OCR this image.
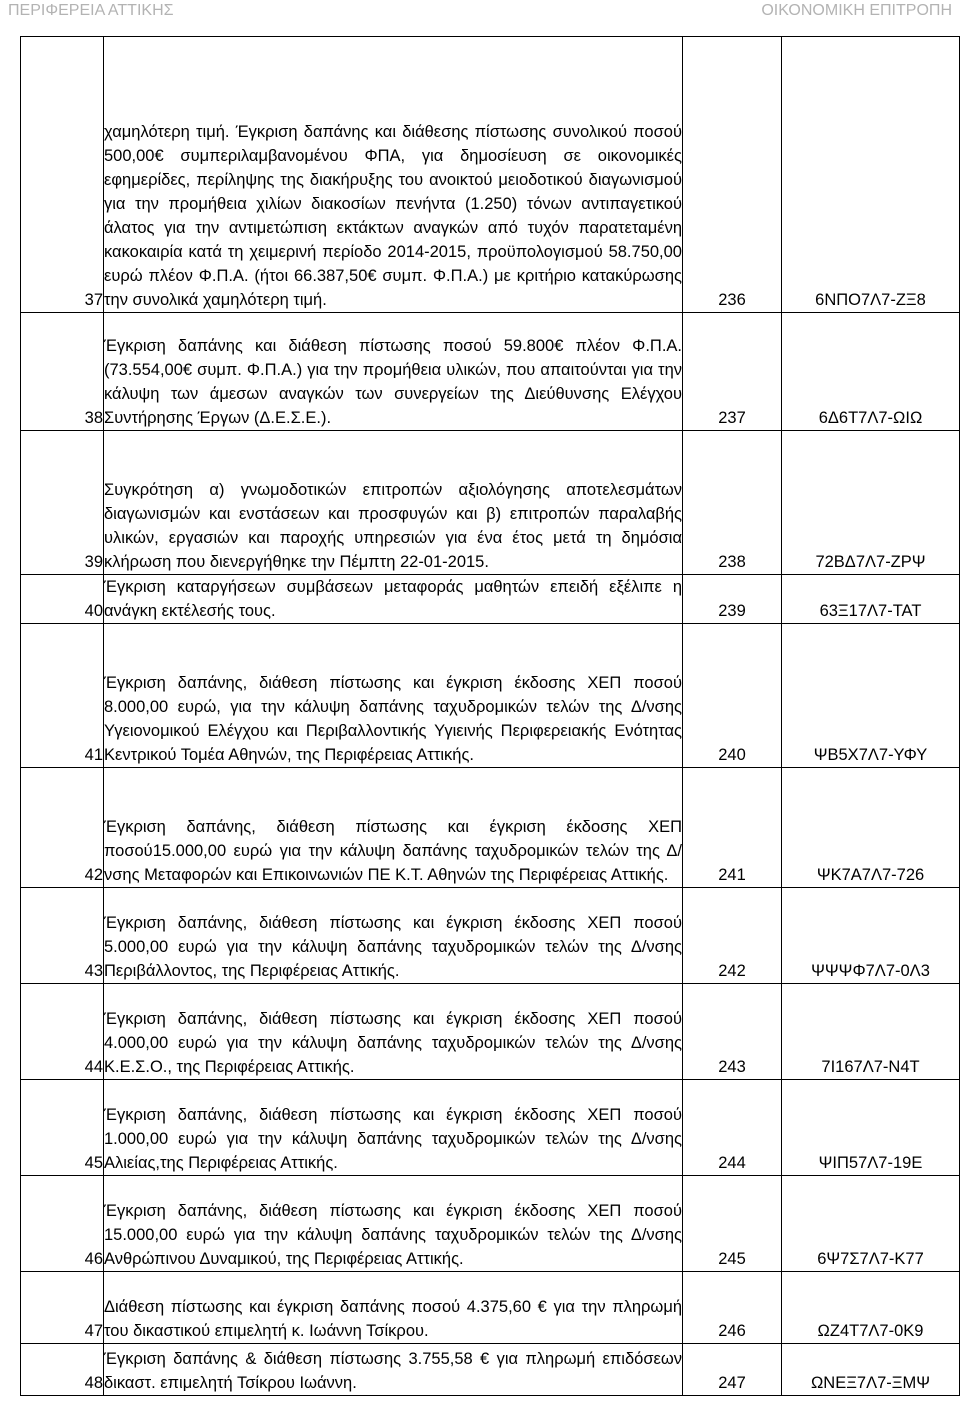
ΠΕΡΙΦΕΡΕΙΑ ΑΤΤΙΚΗΣ	ΟΙΚΟΝΟΜΙΚΗ ΕΠΙΤΡΟΠΗ
37	χαμηλότερη τιμή. Έγκριση δαπάνης και διάθεσης πίστωσης συνολικού ποσού 500,00€ συμπεριλαμβανομένου ΦΠΑ, για δημοσίευση σε οικονομικές εφημερίδες, περίληψης της διακήρυξης του ανοικτού μειοδοτικού διαγωνισμού για την προμήθεια χιλίων διακοσίων πενήντα (1.250) τόνων αντιπαγετικού άλατος για την αντιμετώπιση εκτάκτων αναγκών από τυχόν παρατεταμένη κακοκαιρία κατά τη χειμερινή περίοδο 2014-2015, προϋπολογισμού 58.750,00 ευρώ πλέον Φ.Π.Α. (ήτοι 66.387,50€ συμπ. Φ.Π.Α.) με κριτήριο κατακύρωσης την συνολικά χαμηλότερη τιμή.	236	6ΝΠΟ7Λ7-ΖΞ8
38	Έγκριση δαπάνης και διάθεση πίστωσης ποσού 59.800€ πλέον Φ.Π.Α. (73.554,00€ συμπ. Φ.Π.Α.) για την προμήθεια υλικών, που απαιτούνται για την κάλυψη των άμεσων αναγκών των συνεργείων της Διεύθυνσης Ελέγχου Συντήρησης Έργων (Δ.Ε.Σ.Ε.).	237	6Δ6Τ7Λ7-ΩΙΩ
39	Συγκρότηση α) γνωμοδοτικών επιτροπών αξιολόγησης αποτελεσμάτων διαγωνισμών και ενστάσεων και προσφυγών και β) επιτροπών παραλαβής υλικών, εργασιών και παροχής υπηρεσιών για ένα έτος μετά τη δημόσια κλήρωση που διενεργήθηκε την Πέμπτη 22-01-2015.	238	72ΒΔ7Λ7-ΖΡΨ
40	Έγκριση καταργήσεων συμβάσεων μεταφοράς μαθητών επειδή εξέλιπε η ανάγκη εκτέλεσής τους.	239	63Ξ17Λ7-ΤΑΤ
41	Έγκριση δαπάνης, διάθεση πίστωσης και έγκριση έκδοσης ΧΕΠ ποσού 8.000,00 ευρώ, για την κάλυψη δαπάνης ταχυδρομικών τελών της Δ/νσης Υγειονομικού Ελέγχου και Περιβαλλοντικής Υγιεινής Περιφερειακής Ενότητας Κεντρικού Τομέα Αθηνών, της Περιφέρειας Αττικής.	240	ΨΒ5Χ7Λ7-ΥΦΥ
42	Έγκριση δαπάνης, διάθεση πίστωσης και έγκριση έκδοσης ΧΕΠ ποσού15.000,00 ευρώ για την κάλυψη δαπάνης ταχυδρομικών τελών της Δ/νσης Μεταφορών και Επικοινωνιών ΠΕ Κ.Τ. Αθηνών της Περιφέρειας Αττικής.	241	ΨΚ7Α7Λ7-726
43	Έγκριση δαπάνης, διάθεση πίστωσης και έγκριση έκδοσης ΧΕΠ ποσού 5.000,00 ευρώ για την κάλυψη δαπάνης ταχυδρομικών τελών της Δ/νσης Περιβάλλοντος, της Περιφέρειας Αττικής.	242	ΨΨΨΦ7Λ7-0Λ3
44	Έγκριση δαπάνης, διάθεση πίστωσης και έγκριση έκδοσης ΧΕΠ ποσού 4.000,00 ευρώ για την κάλυψη δαπάνης ταχυδρομικών τελών της Δ/νσης Κ.Ε.Σ.Ο., της Περιφέρειας Αττικής.	243	7Ι167Λ7-Ν4Τ
45	Έγκριση δαπάνης, διάθεση πίστωσης και έγκριση έκδοσης ΧΕΠ ποσού 1.000,00 ευρώ για την κάλυψη δαπάνης ταχυδρομικών τελών της Δ/νσης Αλιείας,της Περιφέρειας Αττικής.	244	ΨΙΠ57Λ7-19Ε
46	Έγκριση δαπάνης, διάθεση πίστωσης και έγκριση έκδοσης ΧΕΠ ποσού 15.000,00 ευρώ για την κάλυψη δαπάνης ταχυδρομικών τελών της Δ/νσης Ανθρώπινου Δυναμικού, της Περιφέρειας Αττικής.	245	6Ψ7Σ7Λ7-Κ77
47	Διάθεση πίστωσης και έγκριση δαπάνης ποσού 4.375,60 € για την πληρωμή του δικαστικού επιμελητή κ. Ιωάννη Τσίκρου.	246	ΩΖ4Τ7Λ7-0Κ9
48	Έγκριση δαπάνης & διάθεση πίστωσης 3.755,58 € για πληρωμή επιδόσεων δικαστ. επιμελητή Τσίκρου Ιωάννη.	247	ΩΝΕΞ7Λ7-ΞΜΨ
